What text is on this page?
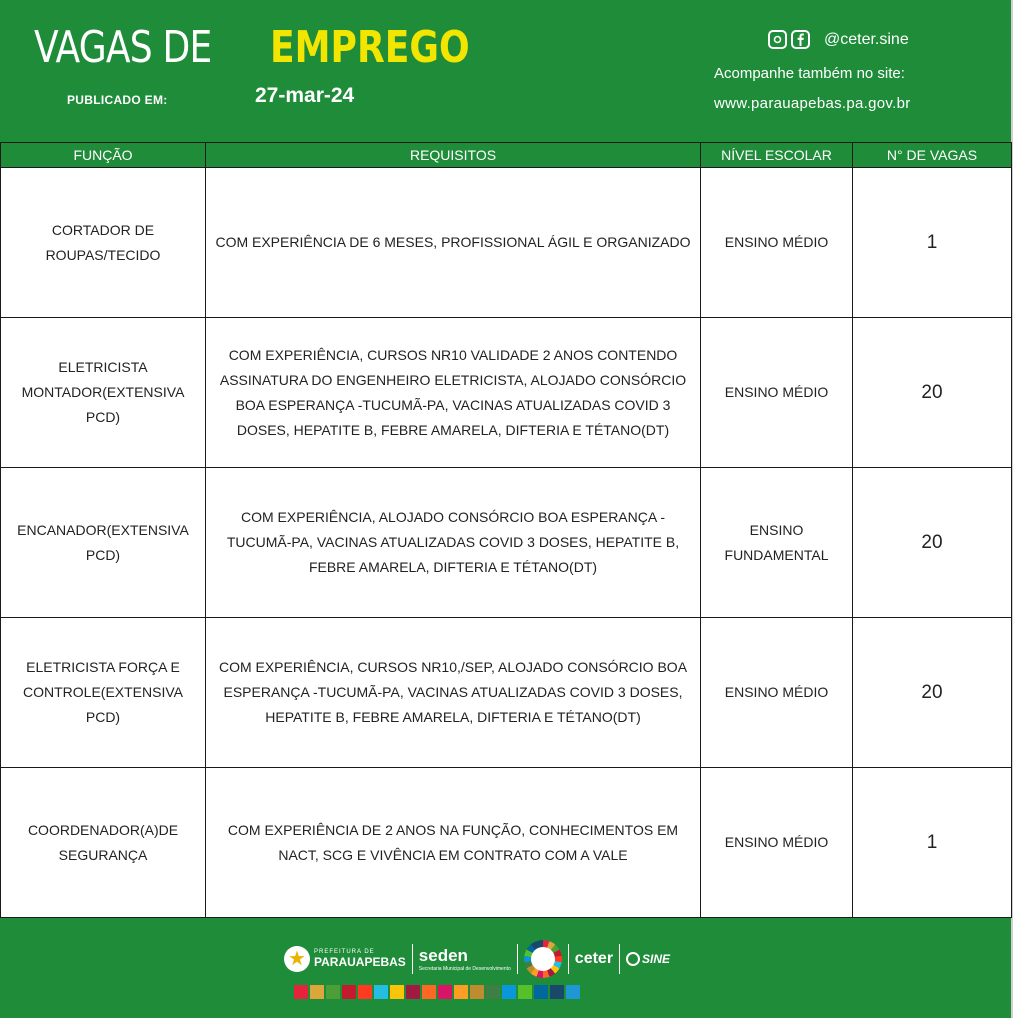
VAGAS DE EMPREGO
PUBLICADO EM:	27-mar-24
@ceter.sine
Acompanhe também no site:
www.parauapebas.pa.gov.br
FUNÇÃO	REQUISITOS	NÍVEL ESCOLAR	N° DE VAGAS
CORTADOR DE ROUPAS/TECIDO	COM EXPERIÊNCIA DE 6 MESES, PROFISSIONAL ÁGIL E ORGANIZADO	ENSINO MÉDIO	1
ELETRICISTA MONTADOR(EXTENSIVA PCD)	COM EXPERIÊNCIA, CURSOS NR10 VALIDADE 2 ANOS CONTENDO ASSINATURA DO ENGENHEIRO ELETRICISTA, ALOJADO CONSÓRCIO BOA ESPERANÇA -TUCUMÃ-PA, VACINAS ATUALIZADAS COVID 3 DOSES, HEPATITE B, FEBRE AMARELA, DIFTERIA E TÉTANO(DT)	ENSINO MÉDIO	20
ENCANADOR(EXTENSIVA PCD)	COM EXPERIÊNCIA, ALOJADO CONSÓRCIO BOA ESPERANÇA - TUCUMÃ-PA, VACINAS ATUALIZADAS COVID 3 DOSES, HEPATITE B, FEBRE AMARELA, DIFTERIA E TÉTANO(DT)	ENSINO FUNDAMENTAL	20
ELETRICISTA FORÇA E CONTROLE(EXTENSIVA PCD)	COM EXPERIÊNCIA, CURSOS NR10,/SEP, ALOJADO CONSÓRCIO BOA ESPERANÇA -TUCUMÃ-PA, VACINAS ATUALIZADAS COVID 3 DOSES, HEPATITE B, FEBRE AMARELA, DIFTERIA E TÉTANO(DT)	ENSINO MÉDIO	20
COORDENADOR(A)DE SEGURANÇA	COM EXPERIÊNCIA DE 2 ANOS NA FUNÇÃO, CONHECIMENTOS EM NACT, SCG E VIVÊNCIA EM CONTRATO COM A VALE	ENSINO MÉDIO	1
★	PREFEITURA DE
PARAUAPEBAS seden
Secretaria Municipal de Desenvolvimento
ceter SINE
